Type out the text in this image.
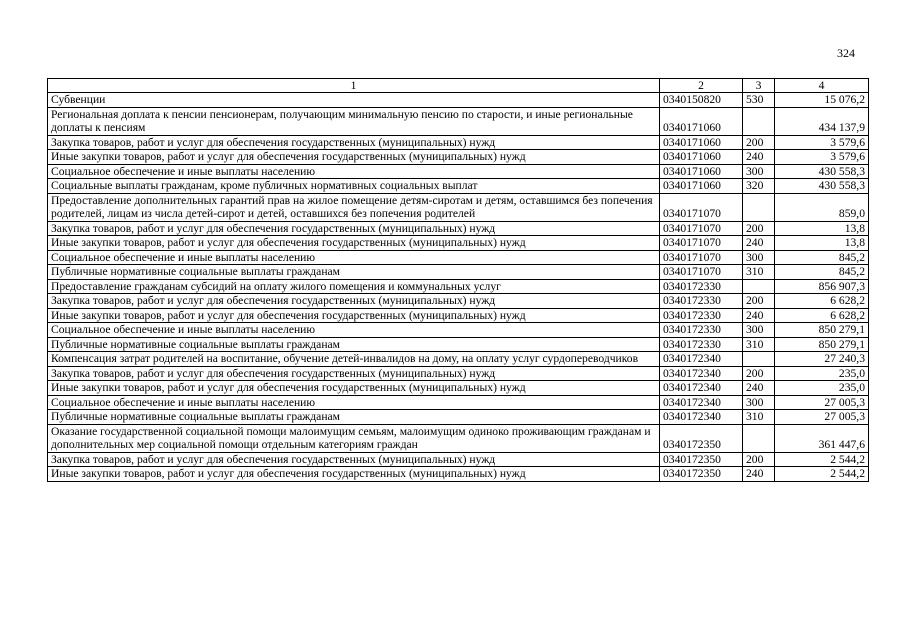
324
1	2	3	4
Субвенции	0340150820	530	15 076,2
Региональная доплата к пенсии пенсионерам, получающим минимальную пенсию по старости, и иные региональные доплаты к пенсиям	0340171060		434 137,9
Закупка товаров, работ и услуг для обеспечения государственных (муниципальных) нужд	0340171060	200	3 579,6
Иные закупки товаров, работ и услуг для обеспечения государственных (муниципальных) нужд	0340171060	240	3 579,6
Социальное обеспечение и иные выплаты населению	0340171060	300	430 558,3
Социальные выплаты гражданам, кроме публичных нормативных социальных выплат	0340171060	320	430 558,3
Предоставление дополнительных гарантий прав на жилое помещение детям-сиротам и детям, оставшимся без попечения родителей, лицам из числа детей-сирот и детей, оставшихся без попечения родителей	0340171070		859,0
Закупка товаров, работ и услуг для обеспечения государственных (муниципальных) нужд	0340171070	200	13,8
Иные закупки товаров, работ и услуг для обеспечения государственных (муниципальных) нужд	0340171070	240	13,8
Социальное обеспечение и иные выплаты населению	0340171070	300	845,2
Публичные нормативные социальные выплаты гражданам	0340171070	310	845,2
Предоставление гражданам субсидий на оплату жилого помещения и коммунальных услуг	0340172330		856 907,3
Закупка товаров, работ и услуг для обеспечения государственных (муниципальных) нужд	0340172330	200	6 628,2
Иные закупки товаров, работ и услуг для обеспечения государственных (муниципальных) нужд	0340172330	240	6 628,2
Социальное обеспечение и иные выплаты населению	0340172330	300	850 279,1
Публичные нормативные социальные выплаты гражданам	0340172330	310	850 279,1
Компенсация затрат родителей на воспитание, обучение детей-инвалидов на дому, на оплату услуг сурдопереводчиков	0340172340		27 240,3
Закупка товаров, работ и услуг для обеспечения государственных (муниципальных) нужд	0340172340	200	235,0
Иные закупки товаров, работ и услуг для обеспечения государственных (муниципальных) нужд	0340172340	240	235,0
Социальное обеспечение и иные выплаты населению	0340172340	300	27 005,3
Публичные нормативные социальные выплаты гражданам	0340172340	310	27 005,3
Оказание государственной социальной помощи малоимущим семьям, малоимущим одиноко проживающим гражданам и дополнительных мер социальной помощи отдельным категориям граждан	0340172350		361 447,6
Закупка товаров, работ и услуг для обеспечения государственных (муниципальных) нужд	0340172350	200	2 544,2
Иные закупки товаров, работ и услуг для обеспечения государственных (муниципальных) нужд	0340172350	240	2 544,2
